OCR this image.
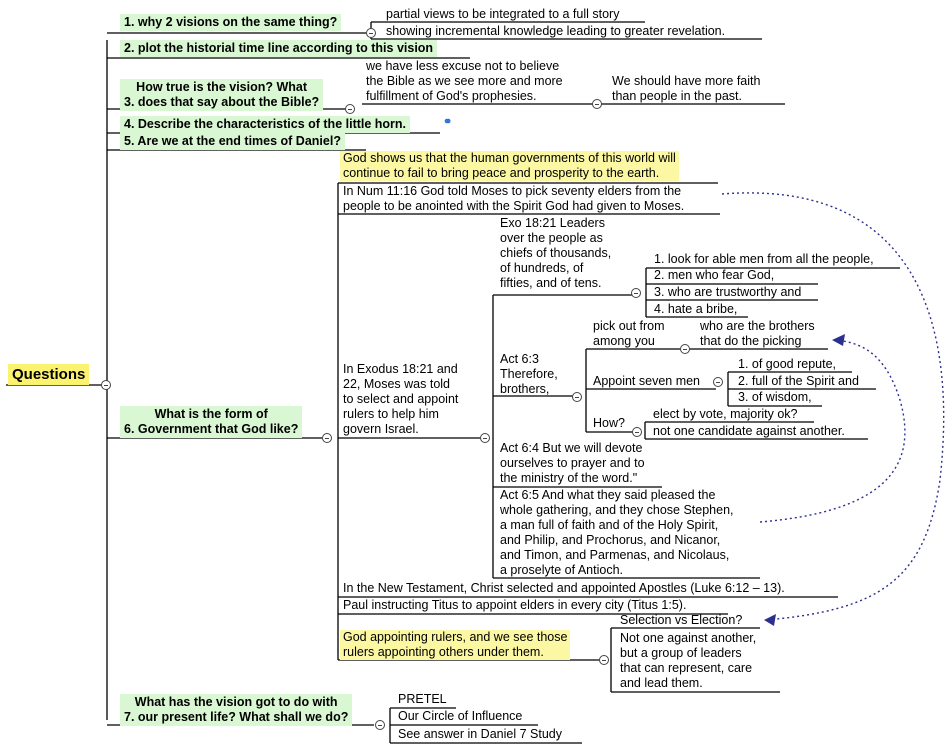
Questions
1. why 2 visions on the same thing?
partial views to be integrated to a full story
showing incremental knowledge leading to greater revelation.
2. plot the historial time line according to this vision
How true is the vision? What
3. does that say about the Bible?
we have less excuse not to believe
the Bible as we see more and more
fulfillment of God's prophesies.
We should have more faith
than people in the past.
4. Describe the characteristics of the little horn.	⚭
5. Are we at the end times of Daniel?
What is the form of
6. Government that God like?
God shows us that the human governments of this world will
continue to fail to bring peace and prosperity to the earth.
In Num 11:16 God told Moses to pick seventy elders from the
people to be anointed with the Spirit God had given to Moses.
In Exodus 18:21 and
22, Moses was told
to select and appoint
rulers to help him
govern Israel.
Exo 18:21 Leaders
over the people as
chiefs of thousands,
of hundreds, of
fifties, and of tens.
1. look for able men from all the people,
2. men who fear God,
3. who are trustworthy and
4. hate a bribe,
Act 6:3
Therefore,
brothers,
pick out from
among you
who are the brothers
that do the picking
Appoint seven men
1. of good repute,
2. full of the Spirit and
3. of wisdom,
How?
elect by vote, majority ok?
not one candidate against another.
Act 6:4 But we will devote
ourselves to prayer and to
the ministry of the word."
Act 6:5 And what they said pleased the
whole gathering, and they chose Stephen,
a man full of faith and of the Holy Spirit,
and Philip, and Prochorus, and Nicanor,
and Timon, and Parmenas, and Nicolaus,
a proselyte of Antioch.
In the New Testament, Christ selected and appointed Apostles (Luke 6:12 – 13).
Paul instructing Titus to appoint elders in every city (Titus 1:5).
God appointing rulers, and we see those
rulers appointing others under them.
Selection vs Election?
Not one against another,
but a group of leaders
that can represent, care
and lead them.
What has the vision got to do with
7. our present life? What shall we do?
PRETEL
Our Circle of Influence
See answer in Daniel 7 Study
